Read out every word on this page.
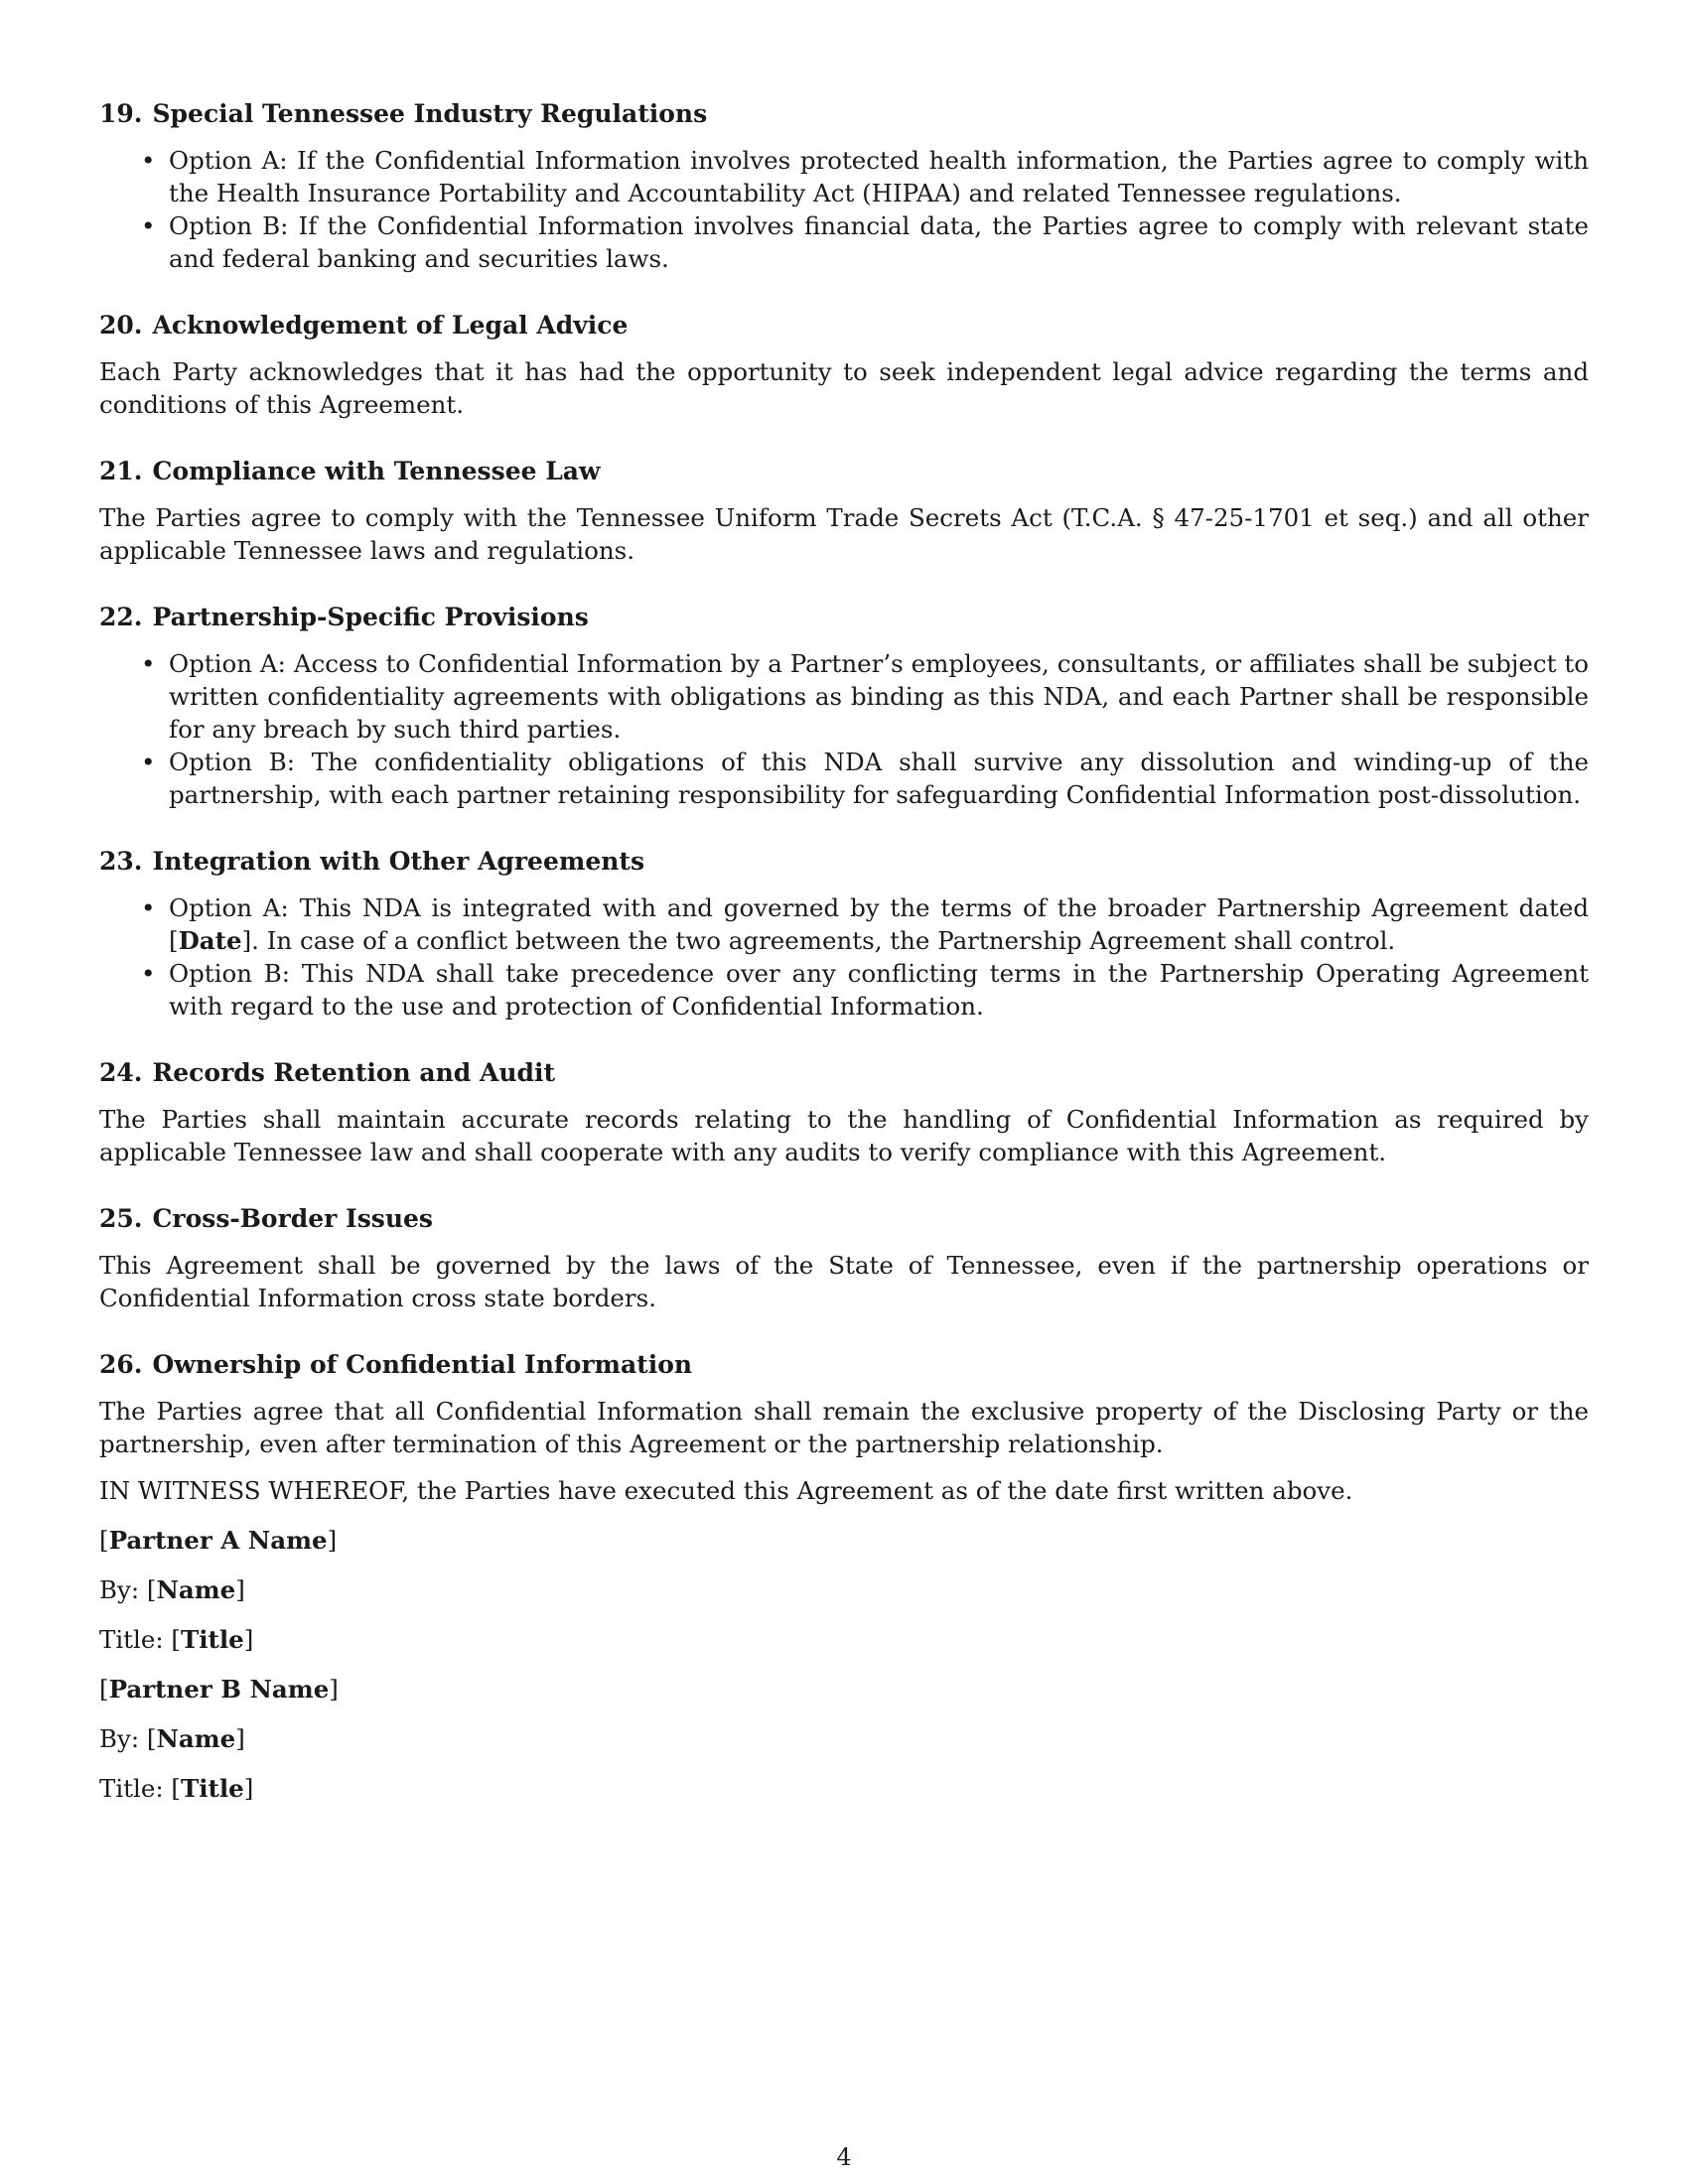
19. Special Tennessee Industry Regulations
• Option A: If the Confidential Information involves protected health information, the Parties agree to comply with the Health Insurance Portability and Accountability Act (HIPAA) and related Tennessee regulations.
• Option B: If the Confidential Information involves financial data, the Parties agree to comply with relevant state and federal banking and securities laws.
20. Acknowledgement of Legal Advice

Each Party acknowledges that it has had the opportunity to seek independent legal advice regarding the terms and conditions of this Agreement.

21. Compliance with Tennessee Law

The Parties agree to comply with the Tennessee Uniform Trade Secrets Act (T.C.A. § 47-25-1701 et seq.) and all other applicable Tennessee laws and regulations.

22. Partnership-Specific Provisions
• Option A: Access to Confidential Information by a Partner’s employees, consultants, or affiliates shall be subject to written confidentiality agreements with obligations as binding as this NDA, and each Partner shall be responsible for any breach by such third parties.
• Option B: The confidentiality obligations of this NDA shall survive any dissolution and winding-up of the partnership, with each partner retaining responsibility for safeguarding Confidential Information post-dissolution.
23. Integration with Other Agreements
• Option A: This NDA is integrated with and governed by the terms of the broader Partnership Agreement dated [Date]. In case of a conflict between the two agreements, the Partnership Agreement shall control.
• Option B: This NDA shall take precedence over any conflicting terms in the Partnership Operating Agreement with regard to the use and protection of Confidential Information.
24. Records Retention and Audit

The Parties shall maintain accurate records relating to the handling of Confidential Information as required by applicable Tennessee law and shall cooperate with any audits to verify compliance with this Agreement.

25. Cross-Border Issues

This Agreement shall be governed by the laws of the State of Tennessee, even if the partnership operations or Confidential Information cross state borders.

26. Ownership of Confidential Information

The Parties agree that all Confidential Information shall remain the exclusive property of the Disclosing Party or the partnership, even after termination of this Agreement or the partnership relationship.

IN WITNESS WHEREOF, the Parties have executed this Agreement as of the date first written above.

[Partner A Name]
By: [Name]
Title: [Title]
[Partner B Name]
By: [Name]
Title: [Title]
4
